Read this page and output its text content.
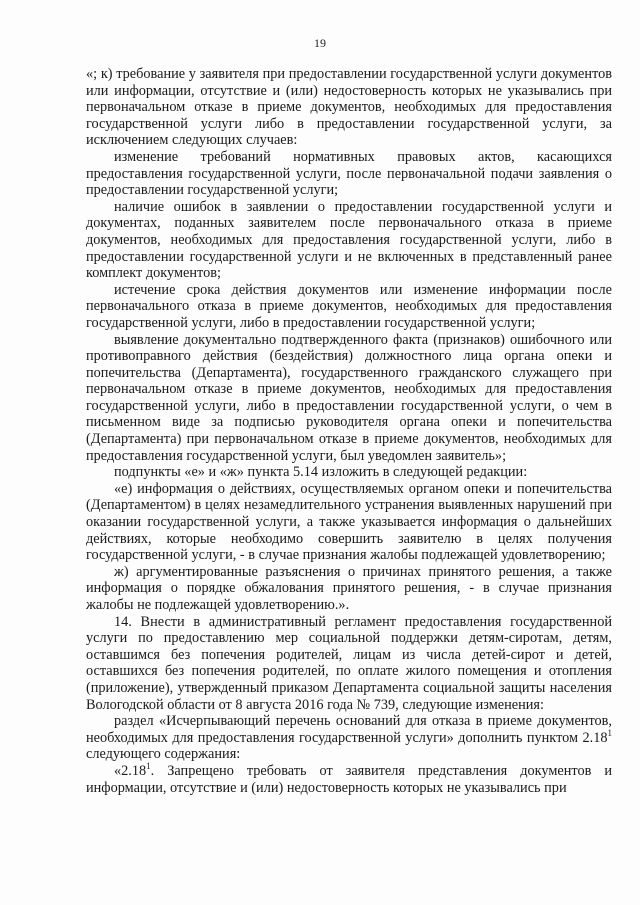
19

«; к) требование у заявителя при предоставлении государственной услуги документов или информации, отсутствие и (или) недостоверность которых не указывались при первоначальном отказе в приеме документов, необходимых для предоставления государственной услуги либо в предоставлении государственной услуги, за исключением следующих случаев:

изменение требований нормативных правовых актов, касающихся предоставления государственной услуги, после первоначальной подачи заявления о предоставлении государственной услуги;

наличие ошибок в заявлении о предоставлении государственной услуги и документах, поданных заявителем после первоначального отказа в приеме документов, необходимых для предоставления государственной услуги, либо в предоставлении государственной услуги и не включенных в представленный ранее комплект документов;

истечение срока действия документов или изменение информации после первоначального отказа в приеме документов, необходимых для предоставления государственной услуги, либо в предоставлении государственной услуги;

выявление документально подтвержденного факта (признаков) ошибочного или противоправного действия (бездействия) должностного лица органа опеки и попечительства (Департамента), государственного гражданского служащего при первоначальном отказе в приеме документов, необходимых для предоставления государственной услуги, либо в предоставлении государственной услуги, о чем в письменном виде за подписью руководителя органа опеки и попечительства (Департамента) при первоначальном отказе в приеме документов, необходимых для предоставления государственной услуги, был уведомлен заявитель»;

подпункты «е» и «ж» пункта 5.14 изложить в следующей редакции:

«е) информация о действиях, осуществляемых органом опеки и попечительства (Департаментом) в целях незамедлительного устранения выявленных нарушений при оказании государственной услуги, а также указывается информация о дальнейших действиях, которые необходимо совершить заявителю в целях получения государственной услуги, - в случае признания жалобы подлежащей удовлетворению;

ж) аргументированные разъяснения о причинах принятого решения, а также информация о порядке обжалования принятого решения, - в случае признания жалобы не подлежащей удовлетворению.».

14. Внести в административный регламент предоставления государственной услуги по предоставлению мер социальной поддержки детям-сиротам, детям, оставшимся без попечения родителей, лицам из числа детей-сирот и детей, оставшихся без попечения родителей, по оплате жилого помещения и отопления (приложение), утвержденный приказом Департамента социальной защиты населения Вологодской области от 8 августа 2016 года № 739, следующие изменения:

раздел «Исчерпывающий перечень оснований для отказа в приеме документов, необходимых для предоставления государственной услуги» дополнить пунктом 2.18$^1$ следующего содержания:

«2.18$^1$. Запрещено требовать от заявителя представления документов и информации, отсутствие и (или) недостоверность которых не указывались при
